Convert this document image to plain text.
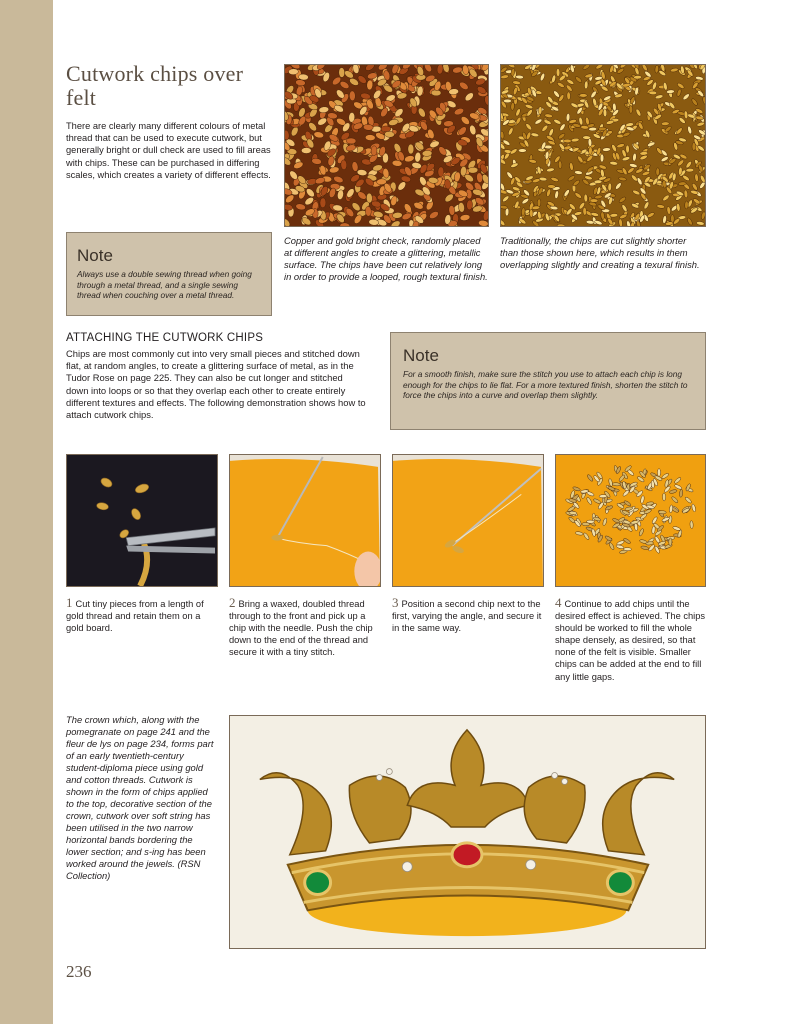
Cutwork chips over felt

There are clearly many different colours of metal thread that can be used to execute cutwork, but generally bright or dull check are used to fill areas with chips. These can be purchased in differing scales, which creates a variety of different effects.

Note

Always use a double sewing thread when going through a metal thread, and a single sewing thread when couching over a metal thread.

Copper and gold bright check, randomly placed at different angles to create a glittering, metallic surface. The chips have been cut relatively long in order to provide a looped, rough textural finish.

Traditionally, the chips are cut slightly shorter than those shown here, which results in them overlapping slightly and creating a texural finish.

ATTACHING THE CUTWORK CHIPS

Chips are most commonly cut into very small pieces and stitched down flat, at random angles, to create a glittering surface of metal, as in the Tudor Rose on page 225. They can also be cut longer and stitched down into loops or so that they overlap each other to create entirely different textures and effects. The following demonstration shows how to attach cutwork chips.

Note

For a smooth finish, make sure the stitch you use to attach each chip is long enough for the chips to lie flat. For a more textured finish, shorten the stitch to force the chips into a curve and overlap them slightly.

1 Cut tiny pieces from a length of gold thread and retain them on a gold board.

2 Bring a waxed, doubled thread through to the front and pick up a chip with the needle. Push the chip down to the end of the thread and secure it with a tiny stitch.

3 Position a second chip next to the first, varying the angle, and secure it in the same way.

4 Continue to add chips until the desired effect is achieved. The chips should be worked to fill the whole shape densely, as desired, so that none of the felt is visible. Smaller chips can be added at the end to fill any little gaps.

The crown which, along with the pomegranate on page 241 and the fleur de lys on page 234, forms part of an early twentieth-century student-diploma piece using gold and cotton threads. Cutwork is shown in the form of chips applied to the top, decorative section of the crown, cutwork over soft string has been utilised in the two narrow horizontal bands bordering the lower section; and s-ing has been worked around the jewels. (RSN Collection)

236
